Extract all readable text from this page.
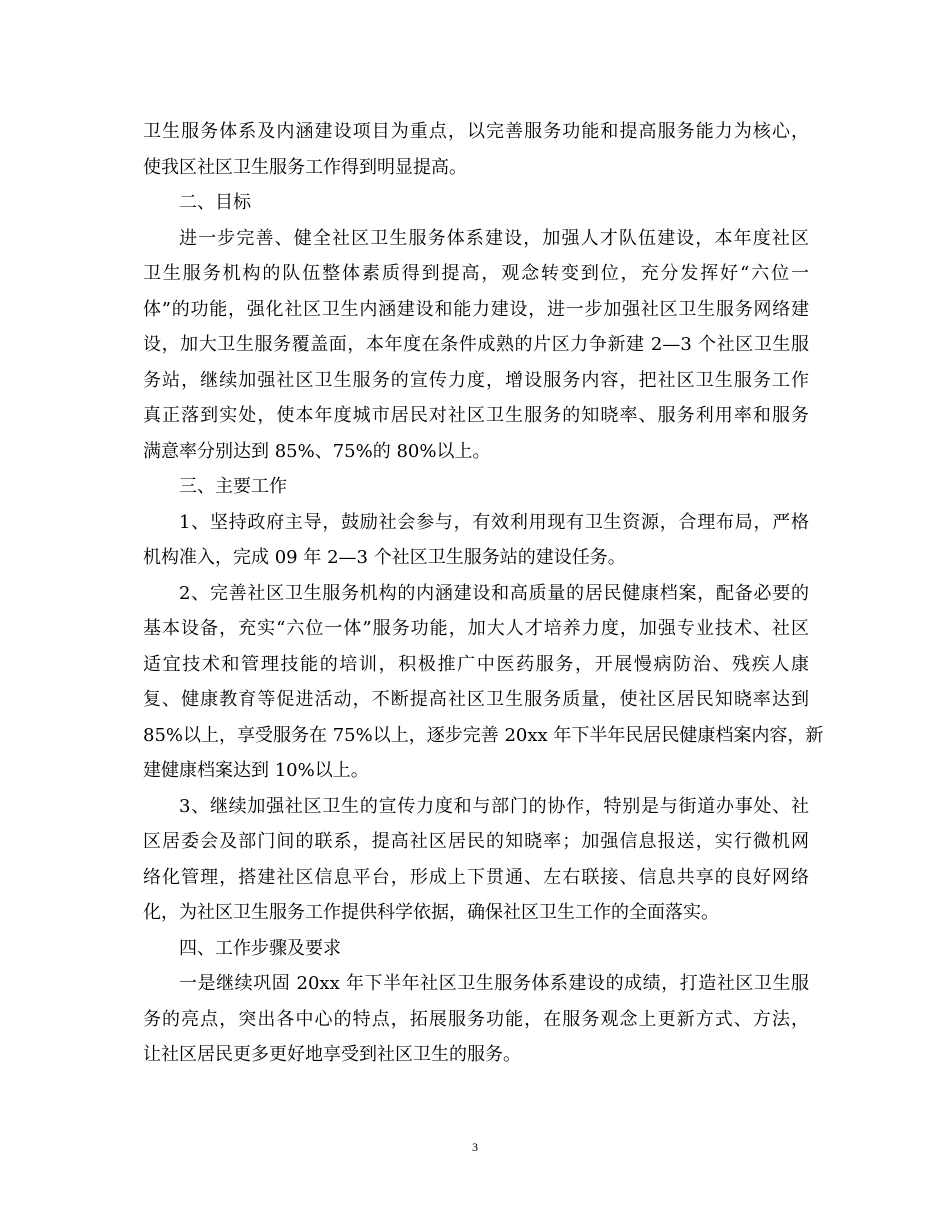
卫生服务体系及内涵建设项目为重点，以完善服务功能和提高服务能力为核心，
使我区社区卫生服务工作得到明显提高。
二、目标
进一步完善、健全社区卫生服务体系建设，加强人才队伍建设，本年度社区
卫生服务机构的队伍整体素质得到提高，观念转变到位，充分发挥好“六位一
体”的功能，强化社区卫生内涵建设和能力建设，进一步加强社区卫生服务网络建
设，加大卫生服务覆盖面，本年度在条件成熟的片区力争新建 2—3 个社区卫生服
务站，继续加强社区卫生服务的宣传力度，增设服务内容，把社区卫生服务工作
真正落到实处，使本年度城市居民对社区卫生服务的知晓率、服务利用率和服务
满意率分别达到 85%、75%的 80%以上。
三、主要工作
1、坚持政府主导，鼓励社会参与，有效利用现有卫生资源，合理布局，严格
机构准入，完成 09 年 2—3 个社区卫生服务站的建设任务。
2、完善社区卫生服务机构的内涵建设和高质量的居民健康档案，配备必要的
基本设备，充实“六位一体”服务功能，加大人才培养力度，加强专业技术、社区
适宜技术和管理技能的培训，积极推广中医药服务，开展慢病防治、残疾人康
复、健康教育等促进活动，不断提高社区卫生服务质量，使社区居民知晓率达到
85%以上，享受服务在 75%以上，逐步完善 20xx 年下半年民居民健康档案内容，新
建健康档案达到 10%以上。
3、继续加强社区卫生的宣传力度和与部门的协作，特别是与街道办事处、社
区居委会及部门间的联系，提高社区居民的知晓率；加强信息报送，实行微机网
络化管理，搭建社区信息平台，形成上下贯通、左右联接、信息共享的良好网络
化，为社区卫生服务工作提供科学依据，确保社区卫生工作的全面落实。
四、工作步骤及要求
一是继续巩固 20xx 年下半年社区卫生服务体系建设的成绩，打造社区卫生服
务的亮点，突出各中心的特点，拓展服务功能，在服务观念上更新方式、方法，
让社区居民更多更好地享受到社区卫生的服务。
3
